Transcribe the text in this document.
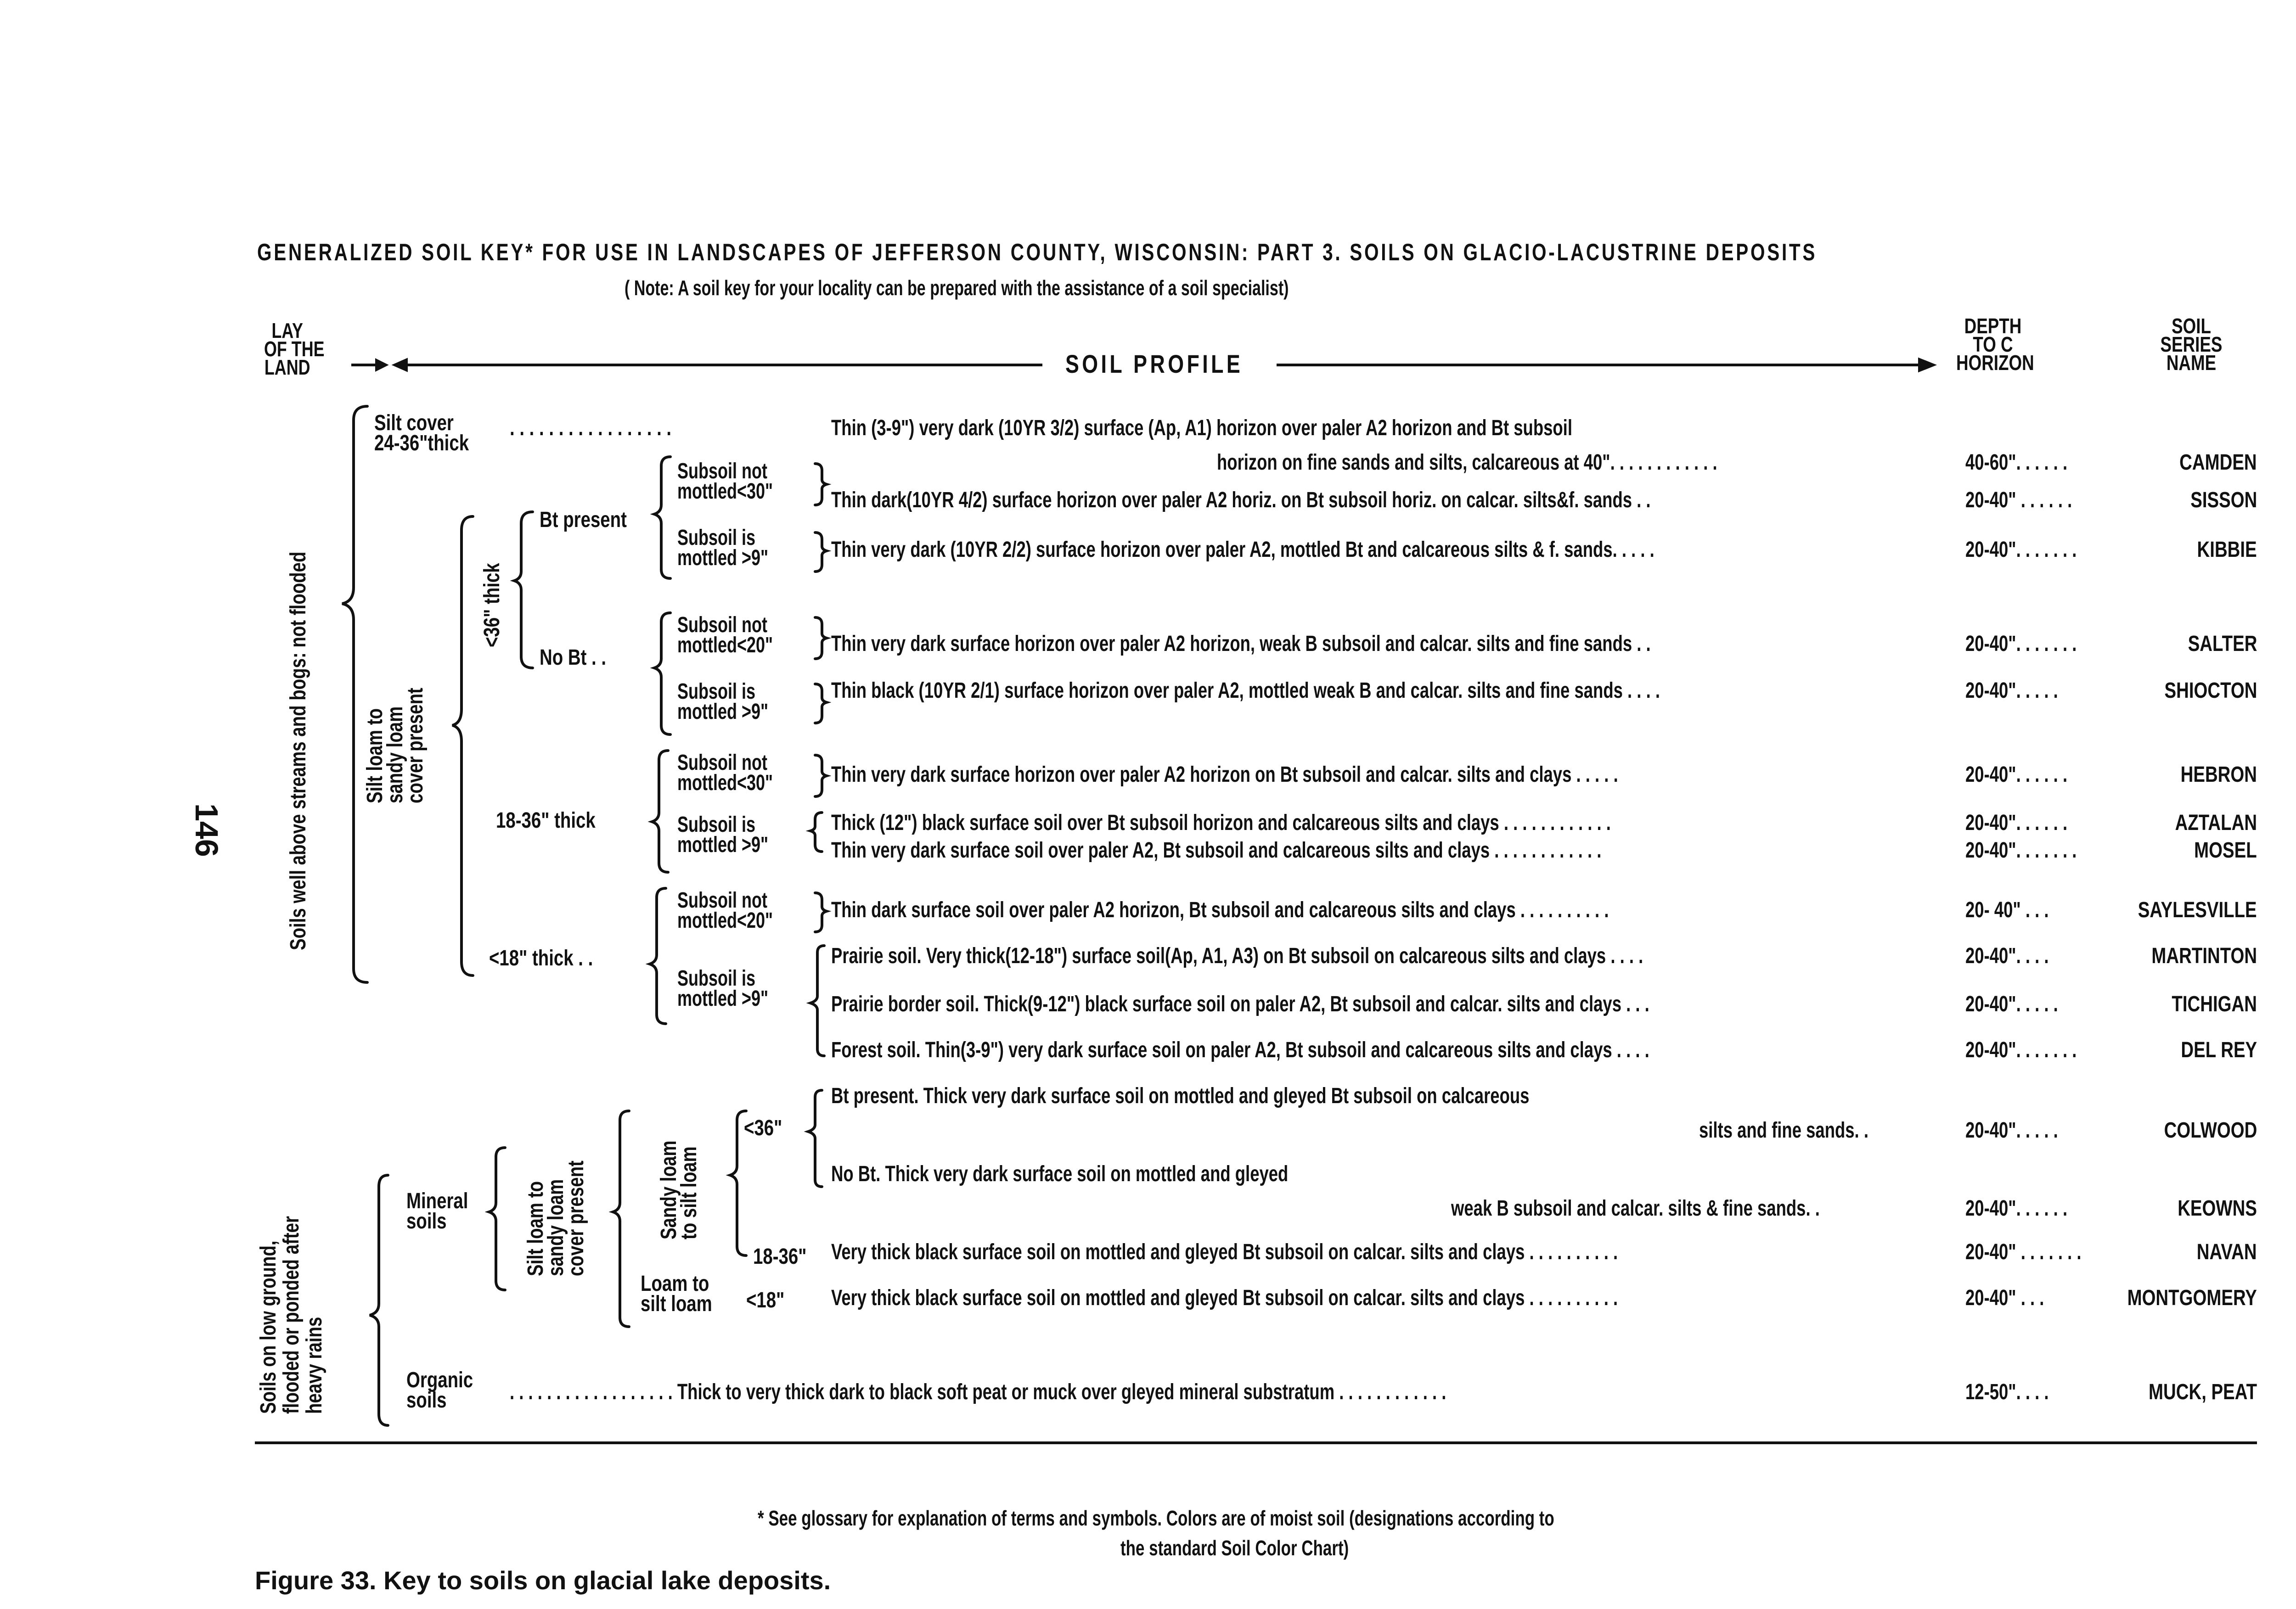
146
GENERALIZED SOIL KEY* FOR USE IN LANDSCAPES OF JEFFERSON COUNTY, WISCONSIN: PART 3. SOILS ON GLACIO-LACUSTRINE DEPOSITS
( Note: A soil key for your locality can be prepared with the assistance of a soil specialist)
LAY
OF THE
LAND	SOIL PROFILE
DEPTH
TO C
HORIZON
SOIL
SERIES
NAME
Soils well above streams and bogs: not flooded
Soils on low ground,
flooded or ponded after
heavy rains
Silt cover
24-36"thick
. . . . . . . . . . . . . . . . .
Silt loam to
sandy loam
cover present
<36" thick
Bt present
No Bt . .
18-36" thick
<18" thick . .
Subsoil not
mottled<30"
Subsoil is
mottled >9"
Subsoil not
mottled<20"
Subsoil is
mottled >9"
Subsoil not
mottled<30"
Subsoil is
mottled >9"
Subsoil not
mottled<20"
Subsoil is
mottled >9"
Mineral
soils
Organic
soils
Silt loam to
sandy loam
cover present	Sandy loam
to silt loam
Loam to
silt loam
<36"
18-36"
<18"
Thin (3-9") very dark (10YR 3/2) surface (Ap, A1) horizon over paler A2 horizon and Bt subsoil
horizon on fine sands and silts, calcareous at 40". . . . . . . . . . . .	40-60". . . . . .	CAMDEN
Thin dark(10YR 4/2) surface horizon over paler A2 horiz. on Bt subsoil horiz. on calcar. silts&f. sands . .	20-40" . . . . . .	SISSON
Thin very dark (10YR 2/2) surface horizon over paler A2, mottled Bt and calcareous silts & f. sands. . . . .	20-40". . . . . . .	KIBBIE
Thin very dark surface horizon over paler A2 horizon, weak B subsoil and calcar. silts and fine sands . .	20-40". . . . . . .	SALTER
Thin black (10YR 2/1) surface horizon over paler A2, mottled weak B and calcar. silts and fine sands . . . .	20-40". . . . .	SHIOCTON
Thin very dark surface horizon over paler A2 horizon on Bt subsoil and calcar. silts and clays . . . . .	20-40". . . . . .	HEBRON
Thick (12") black surface soil over Bt subsoil horizon and calcareous silts and clays . . . . . . . . . . . .	20-40". . . . . .	AZTALAN
Thin very dark surface soil over paler A2, Bt subsoil and calcareous silts and clays . . . . . . . . . . . .	20-40". . . . . . .	MOSEL
Thin dark surface soil over paler A2 horizon, Bt subsoil and calcareous silts and clays . . . . . . . . . .	20- 40" . . .	SAYLESVILLE
Prairie soil. Very thick(12-18") surface soil(Ap, A1, A3) on Bt subsoil on calcareous silts and clays . . . .	20-40". . . .	MARTINTON
Prairie border soil. Thick(9-12") black surface soil on paler A2, Bt subsoil and calcar. silts and clays . . .	20-40". . . . .	TICHIGAN
Forest soil. Thin(3-9") very dark surface soil on paler A2, Bt subsoil and calcareous silts and clays . . . .	20-40". . . . . . .	DEL REY
Bt present. Thick very dark surface soil on mottled and gleyed Bt subsoil on calcareous
silts and fine sands. .	20-40". . . . .	COLWOOD
No Bt. Thick very dark surface soil on mottled and gleyed
weak B subsoil and calcar. silts & fine sands. .	20-40". . . . . .	KEOWNS
Very thick black surface soil on mottled and gleyed Bt subsoil on calcar. silts and clays . . . . . . . . . .	20-40" . . . . . . .	NAVAN
Very thick black surface soil on mottled and gleyed Bt subsoil on calcar. silts and clays . . . . . . . . . .	20-40" . . .	MONTGOMERY
. . . . . . . . . . . . . . . . . . Thick to very thick dark to black soft peat or muck over gleyed mineral substratum . . . . . . . . . . . .	12-50". . . .	MUCK, PEAT
* See glossary for explanation of terms and symbols. Colors are of moist soil (designations according to
the standard Soil Color Chart)
Figure 33. Key to soils on glacial lake deposits.
